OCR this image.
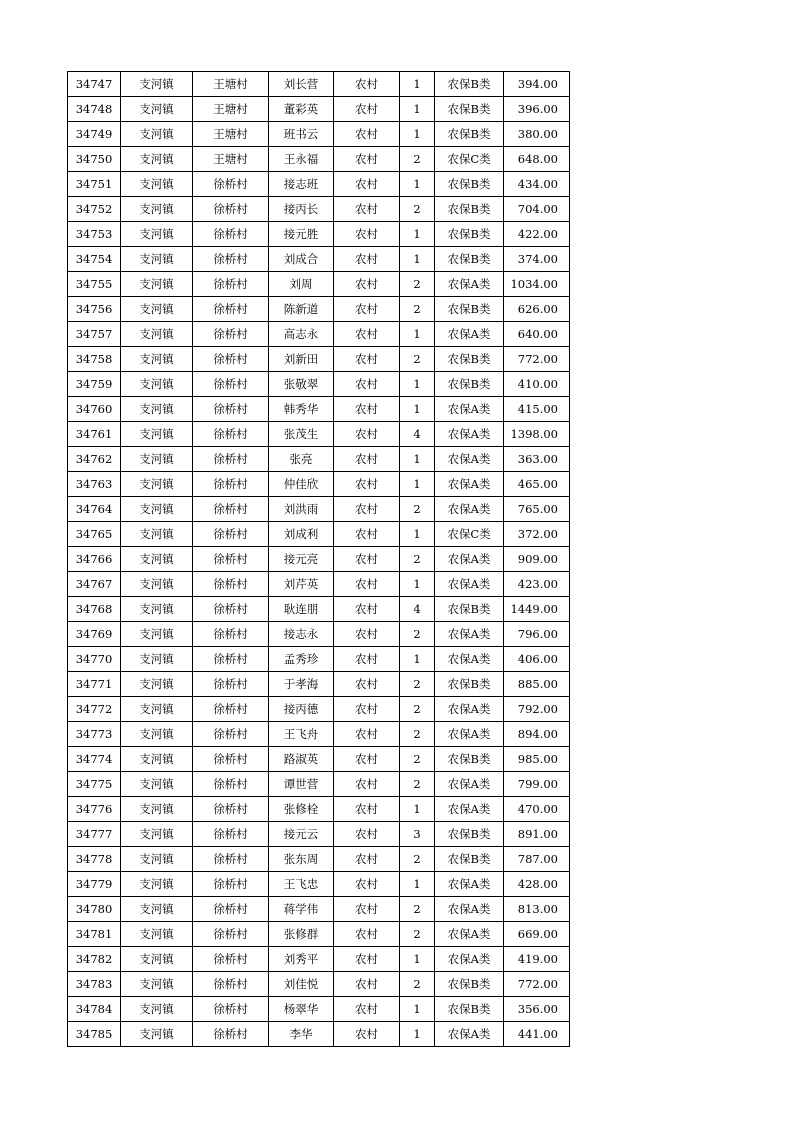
34747	支河镇	王塘村	刘长营	农村	1	农保B类	394.00
34748	支河镇	王塘村	董彩英	农村	1	农保B类	396.00
34749	支河镇	王塘村	班书云	农村	1	农保B类	380.00
34750	支河镇	王塘村	王永福	农村	2	农保C类	648.00
34751	支河镇	徐桥村	接志班	农村	1	农保B类	434.00
34752	支河镇	徐桥村	接丙长	农村	2	农保B类	704.00
34753	支河镇	徐桥村	接元胜	农村	1	农保B类	422.00
34754	支河镇	徐桥村	刘成合	农村	1	农保B类	374.00
34755	支河镇	徐桥村	刘周	农村	2	农保A类	1034.00
34756	支河镇	徐桥村	陈新道	农村	2	农保B类	626.00
34757	支河镇	徐桥村	高志永	农村	1	农保A类	640.00
34758	支河镇	徐桥村	刘新田	农村	2	农保B类	772.00
34759	支河镇	徐桥村	张敬翠	农村	1	农保B类	410.00
34760	支河镇	徐桥村	韩秀华	农村	1	农保A类	415.00
34761	支河镇	徐桥村	张茂生	农村	4	农保A类	1398.00
34762	支河镇	徐桥村	张亮	农村	1	农保A类	363.00
34763	支河镇	徐桥村	仲佳欣	农村	1	农保A类	465.00
34764	支河镇	徐桥村	刘洪雨	农村	2	农保A类	765.00
34765	支河镇	徐桥村	刘成利	农村	1	农保C类	372.00
34766	支河镇	徐桥村	接元亮	农村	2	农保A类	909.00
34767	支河镇	徐桥村	刘芹英	农村	1	农保A类	423.00
34768	支河镇	徐桥村	耿连朋	农村	4	农保B类	1449.00
34769	支河镇	徐桥村	接志永	农村	2	农保A类	796.00
34770	支河镇	徐桥村	孟秀珍	农村	1	农保A类	406.00
34771	支河镇	徐桥村	于孝海	农村	2	农保B类	885.00
34772	支河镇	徐桥村	接丙德	农村	2	农保A类	792.00
34773	支河镇	徐桥村	王飞舟	农村	2	农保A类	894.00
34774	支河镇	徐桥村	路淑英	农村	2	农保B类	985.00
34775	支河镇	徐桥村	谭世营	农村	2	农保A类	799.00
34776	支河镇	徐桥村	张修栓	农村	1	农保A类	470.00
34777	支河镇	徐桥村	接元云	农村	3	农保B类	891.00
34778	支河镇	徐桥村	张东周	农村	2	农保B类	787.00
34779	支河镇	徐桥村	王飞忠	农村	1	农保A类	428.00
34780	支河镇	徐桥村	蒋学伟	农村	2	农保A类	813.00
34781	支河镇	徐桥村	张修群	农村	2	农保A类	669.00
34782	支河镇	徐桥村	刘秀平	农村	1	农保A类	419.00
34783	支河镇	徐桥村	刘佳悦	农村	2	农保B类	772.00
34784	支河镇	徐桥村	杨翠华	农村	1	农保B类	356.00
34785	支河镇	徐桥村	李华	农村	1	农保A类	441.00
